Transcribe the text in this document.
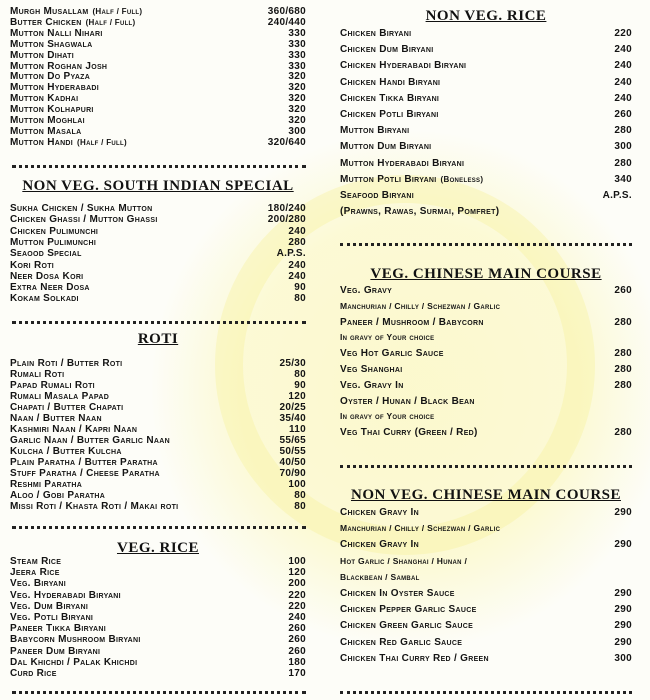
Murgh Musallam (Half / Full)	360/680
Butter Chicken (Half / Full)	240/440
Mutton Nalli Nihari	330
Mutton Shagwala	330
Mutton Dihati	330
Mutton Roghan Josh	330
Mutton Do Pyaza	320
Mutton Hyderabadi	320
Mutton Kadhai	320
Mutton Kolhapuri	320
Mutton Moghlai	320
Mutton Masala	300
Mutton Handi (Half / Full)	320/640
NON VEG. SOUTH INDIAN SPECIAL
Sukha Chicken / Sukha Mutton	180/240
Chicken Ghassi / Mutton Ghassi	200/280
Chicken Pulimunchi	240
Mutton Pulimunchi	280
Seaood Special	A.P.S.
Kori Roti	240
Neer Dosa Kori	240
Extra Neer Dosa	90
Kokam Solkadi	80
ROTI
Plain Roti / Butter Roti	25/30
Rumali Roti	80
Papad Rumali Roti	90
Rumali Masala Papad	120
Chapati / Butter Chapati	20/25
Naan / Butter Naan	35/40
Kashmiri Naan / Kapri Naan	110
Garlic Naan / Butter Garlic Naan	55/65
Kulcha / Butter Kulcha	50/55
Plain Paratha / Butter Paratha	40/50
Stuff Paratha / Cheese Paratha	70/90
Reshmi Paratha	100
Aloo / Gobi Paratha	80
Missi Roti / Khasta Roti / Makai roti	80
VEG. RICE
Steam Rice	100
Jeera Rice	120
Veg. Biryani	200
Veg. Hyderabadi Biryani	220
Veg. Dum Biryani	220
Veg. Potli Biryani	240
Paneer Tikka Biryani	260
Babycorn Mushroom Biryani	260
Paneer Dum Biryani	260
Dal Khichdi / Palak Khichdi	180
Curd Rice	170
NON VEG. RICE
Chicken Biryani	220
Chicken Dum Biryani	240
Chicken Hyderabadi Biryani	240
Chicken Handi Biryani	240
Chicken Tikka Biryani	240
Chicken Potli Biryani	260
Mutton Biryani	280
Mutton Dum Biryani	300
Mutton Hyderabadi Biryani	280
Mutton Potli Biryani (Boneless)	340
Seafood Biryani	A.P.S.
(Prawns, Rawas, Surmai, Pomfret)
VEG. CHINESE MAIN COURSE
Veg. Gravy	260
Manchurian / Chilly / Schezwan / Garlic
Paneer / Mushroom / Babycorn	280
In gravy of Your choice
Veg Hot Garlic Sauce	280
Veg Shanghai	280
Veg. Gravy In	280
Oyster / Hunan / Black Bean
In gravy of Your choice
Veg Thai Curry (Green / Red)	280
NON VEG. CHINESE MAIN COURSE
Chicken Gravy In	290
Manchurian / Chilly / Schezwan / Garlic
Chicken Gravy In	290
Hot Garlic / Shanghai / Hunan /
Blackbean / Sambal
Chicken In Oyster Sauce	290
Chicken Pepper Garlic Sauce	290
Chicken Green Garlic Sauce	290
Chicken Red Garlic Sauce	290
Chicken Thai Curry Red / Green	300
